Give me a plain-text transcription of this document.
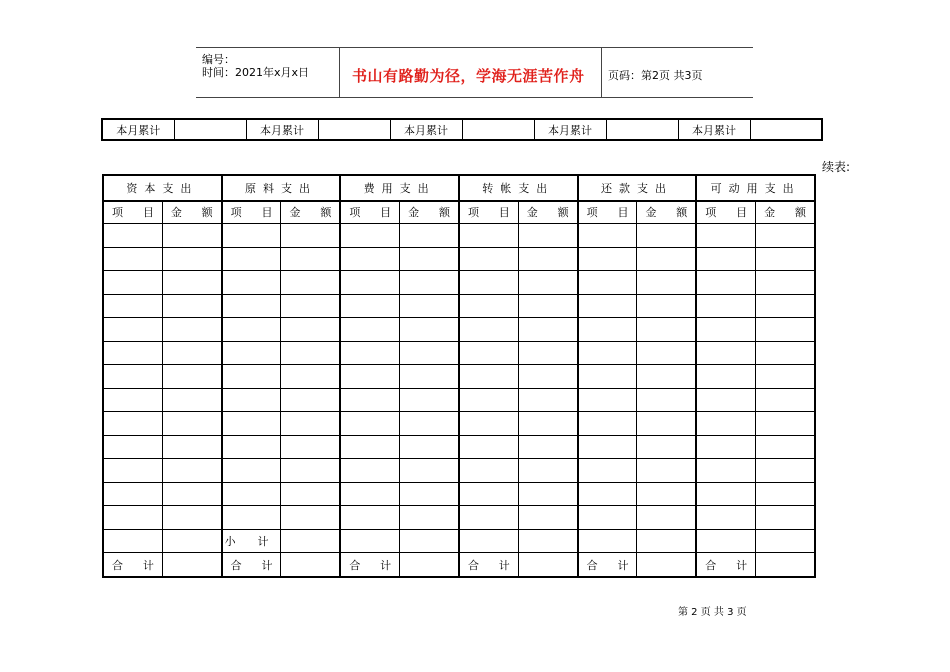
编号：
时间：2021年x月x日	书山有路勤为径，学海无涯苦作舟 页码：第2页 共3页
本月累计		本月累计		本月累计		本月累计		本月累计	
续表:
资本支出		原料支出		费用支出		转帐支出		还款支出		可动用支出	

项 目	金 额	项 目	金 额	项 目	金 额	项 目	金 额	项 目	金 额	项 目	金 额

		小 计									

合 计		合 计		合 计		合 计		合 计		合 计	

第 2 页 共 3 页
